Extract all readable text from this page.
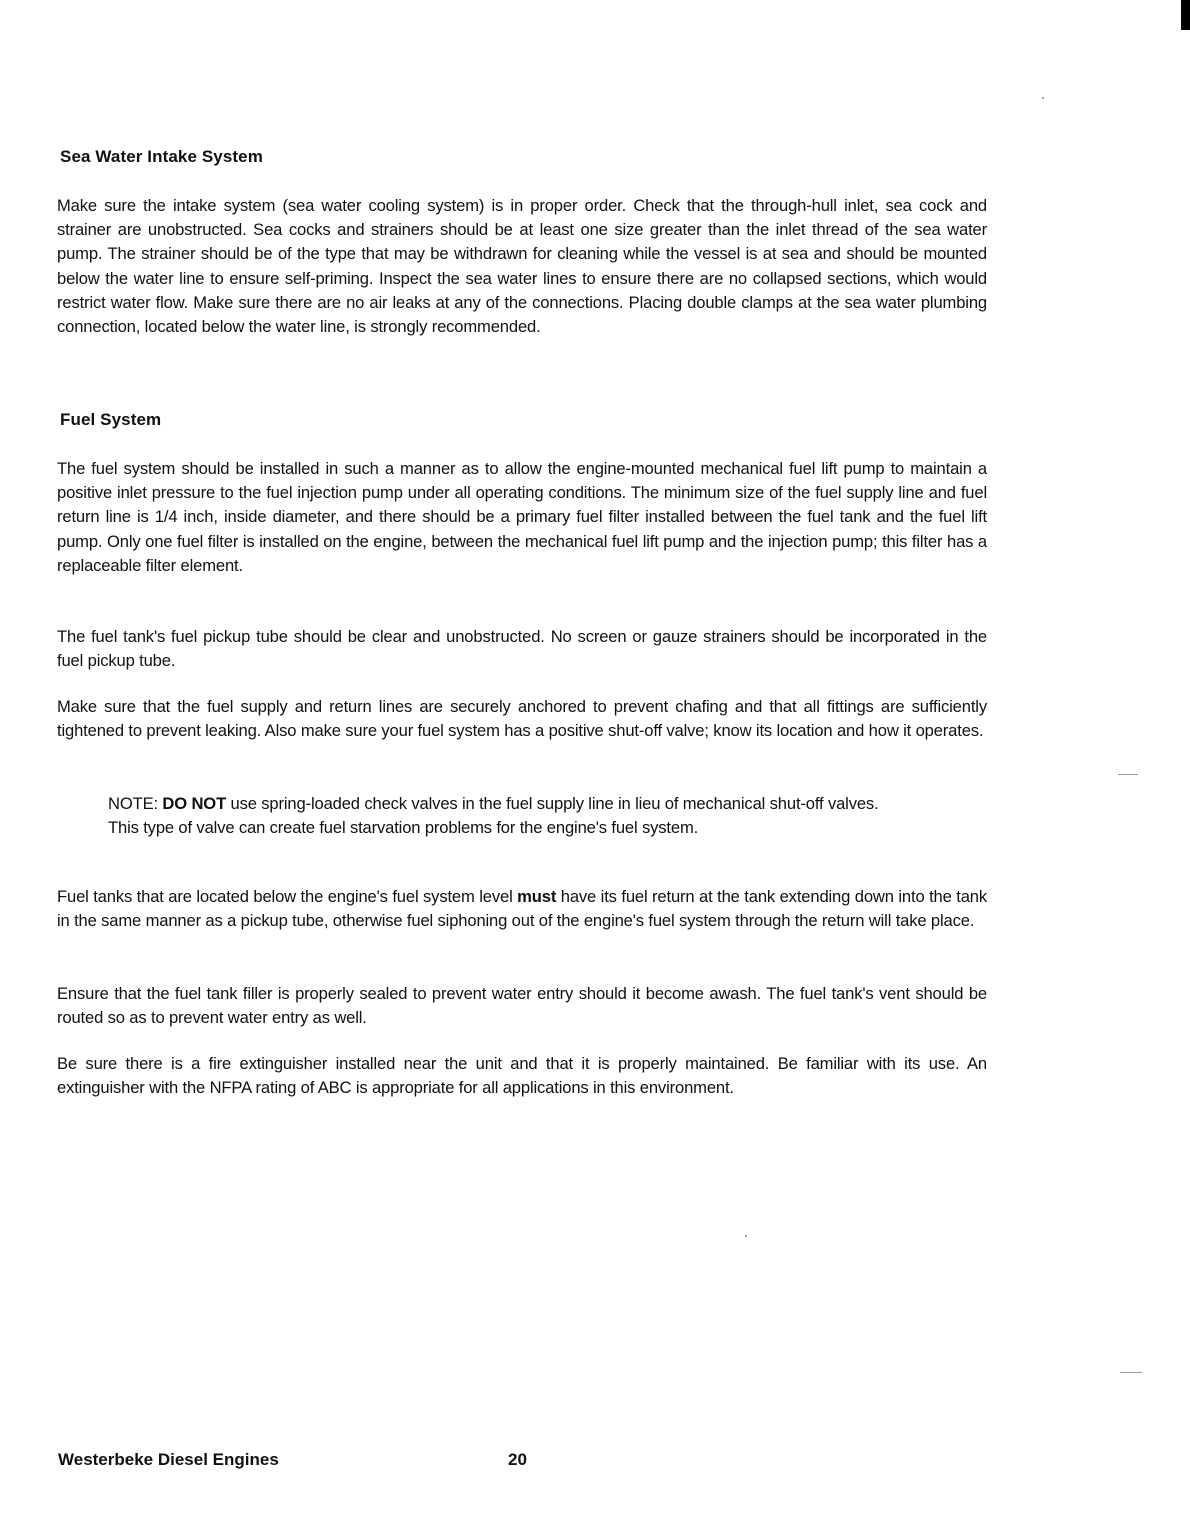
Sea Water Intake System
Make sure the intake system (sea water cooling system) is in proper order. Check that the through-hull inlet, sea cock and strainer are unobstructed. Sea cocks and strainers should be at least one size greater than the inlet thread of the sea water pump. The strainer should be of the type that may be withdrawn for cleaning while the vessel is at sea and should be mounted below the water line to ensure self-priming. Inspect the sea water lines to ensure there are no collapsed sections, which would restrict water flow. Make sure there are no air leaks at any of the connections. Placing double clamps at the sea water plumbing connection, located below the water line, is strongly recommended.
Fuel System
The fuel system should be installed in such a manner as to allow the engine-mounted mechanical fuel lift pump to maintain a positive inlet pressure to the fuel injection pump under all operating conditions. The minimum size of the fuel supply line and fuel return line is 1/4 inch, inside diameter, and there should be a primary fuel filter installed between the fuel tank and the fuel lift pump. Only one fuel filter is installed on the engine, between the mechanical fuel lift pump and the injection pump; this filter has a replaceable filter element.
The fuel tank's fuel pickup tube should be clear and unobstructed. No screen or gauze strainers should be incorporated in the fuel pickup tube.
Make sure that the fuel supply and return lines are securely anchored to prevent chafing and that all fittings are sufficiently tightened to prevent leaking. Also make sure your fuel system has a positive shut-off valve; know its location and how it operates.
NOTE: DO NOT use spring-loaded check valves in the fuel supply line in lieu of mechanical shut-off valves. This type of valve can create fuel starvation problems for the engine's fuel system.
Fuel tanks that are located below the engine's fuel system level must have its fuel return at the tank extending down into the tank in the same manner as a pickup tube, otherwise fuel siphoning out of the engine's fuel system through the return will take place.
Ensure that the fuel tank filler is properly sealed to prevent water entry should it become awash. The fuel tank's vent should be routed so as to prevent water entry as well.
Be sure there is a fire extinguisher installed near the unit and that it is properly maintained. Be familiar with its use. An extinguisher with the NFPA rating of ABC is appropriate for all applications in this environment.
Westerbeke Diesel Engines	20
